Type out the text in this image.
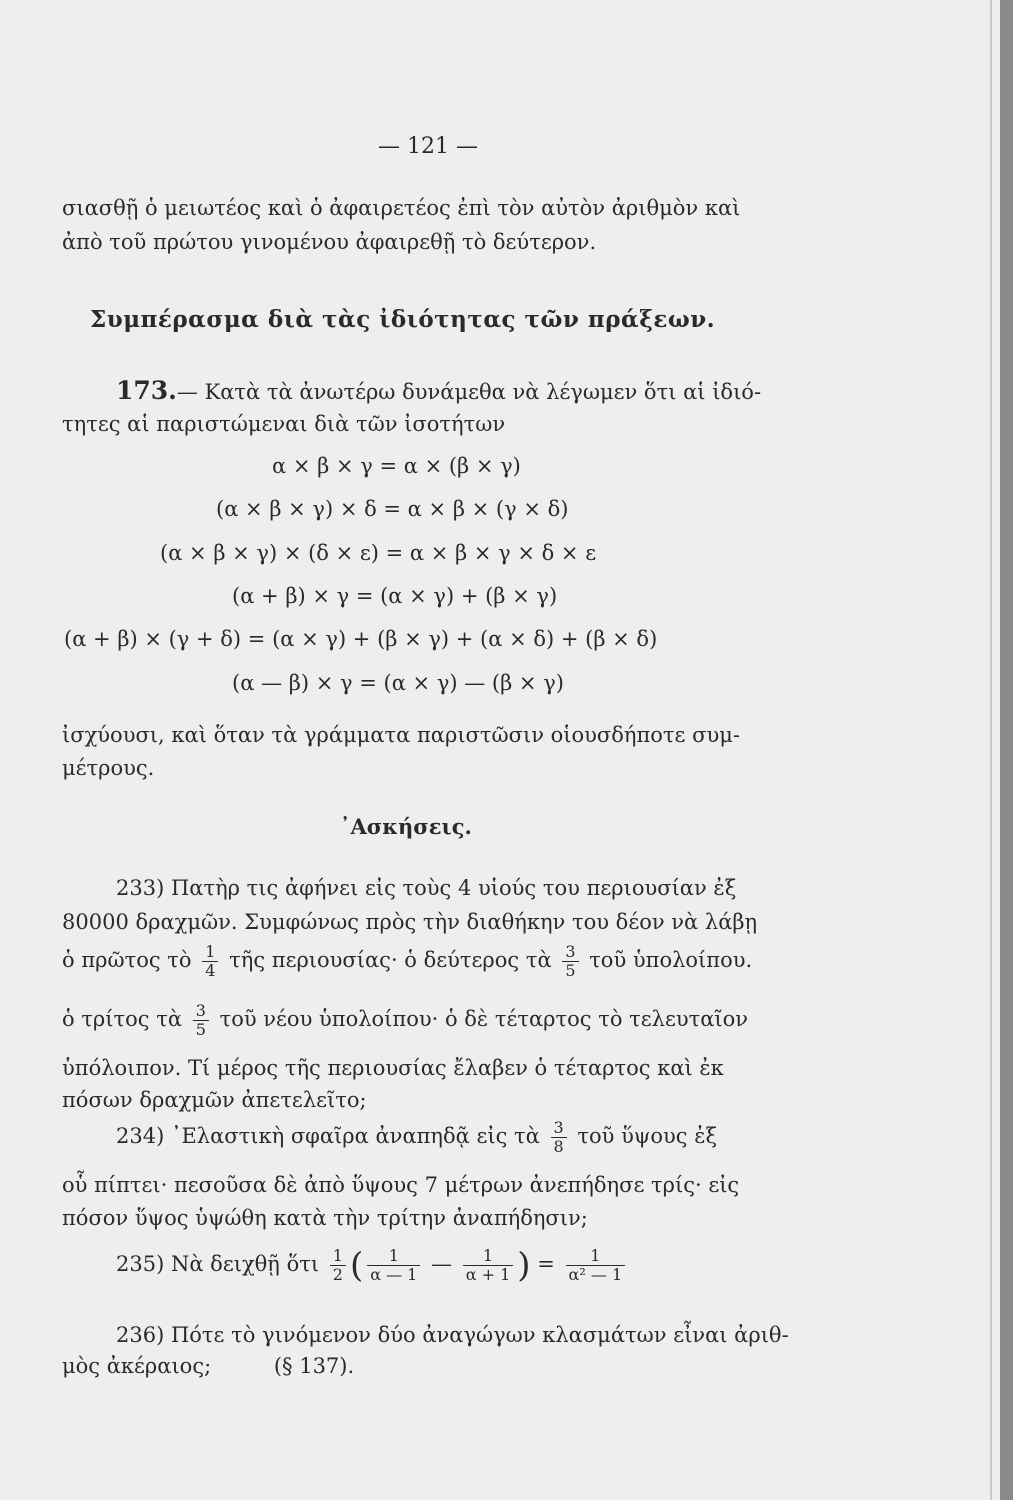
— 121 —
σιασθῇ ὁ μειωτέος καὶ ὁ ἀφαιρετέος ἐπὶ τὸν αὐτὸν ἀριθμὸν καὶ
ἀπὸ τοῦ πρώτου γινομένου ἀφαιρεθῇ τὸ δεύτερον.
Συμπέρασμα διὰ τὰς ἰδιότητας τῶν πράξεων.
173.— Κατὰ τὰ ἀνωτέρω δυνάμεθα νὰ λέγωμεν ὅτι αἱ ἰδιό-
τητες αἱ παριστώμεναι διὰ τῶν ἰσοτήτων
α × β × γ = α × (β × γ)
(α × β × γ) × δ = α × β × (γ × δ)
(α × β × γ) × (δ × ε) = α × β × γ × δ × ε
(α + β) × γ = (α × γ) + (β × γ)
(α + β) × (γ + δ) = (α × γ) + (β × γ) + (α × δ) + (β × δ)
(α — β) × γ = (α × γ) — (β × γ)
ἰσχύουσι, καὶ ὅταν τὰ γράμματα παριστῶσιν οἱουσδήποτε συμ-
μέτρους.
᾿Ασκήσεις.
233) Πατὴρ τις ἀφήνει εἰς τοὺς 4 υἱούς του περιουσίαν ἐξ
80000 δραχμῶν. Συμφώνως πρὸς τὴν διαθήκην του δέον νὰ λάβῃ
ὁ πρῶτος τὸ $\frac{1}{4}$ τῆς περιουσίας· ὁ δεύτερος τὰ $\frac{3}{5}$ τοῦ ὑπολοίπου.
ὁ τρίτος τὰ $\frac{3}{5}$ τοῦ νέου ὑπολοίπου· ὁ δὲ τέταρτος τὸ τελευταῖον
ὑπόλοιπον. Τί μέρος τῆς περιουσίας ἔλαβεν ὁ τέταρτος καὶ ἐκ
πόσων δραχμῶν ἀπετελεῖτο;
234) ᾿Ελαστικὴ σφαῖρα ἀναπηδᾷ εἰς τὰ $\frac{3}{8}$ τοῦ ὕψους ἐξ
οὗ πίπτει· πεσοῦσα δὲ ἀπὸ ὕψους 7 μέτρων ἀνεπήδησε τρίς· εἰς
πόσον ὕψος ὑψώθη κατὰ τὴν τρίτην ἀναπήδησιν;
235) Νὰ δειχθῇ ὅτι $\frac{1}{2}$ ( $\frac{1}{\alpha — 1}$ — $\frac{1}{\alpha + 1}$ ) = $\frac{1}{\text{α² — 1}}$
236) Πότε τὸ γινόμενον δύο ἀναγώγων κλασμάτων εἶναι ἀριθ-
μὸς ἀκέραιος;	(§ 137).
